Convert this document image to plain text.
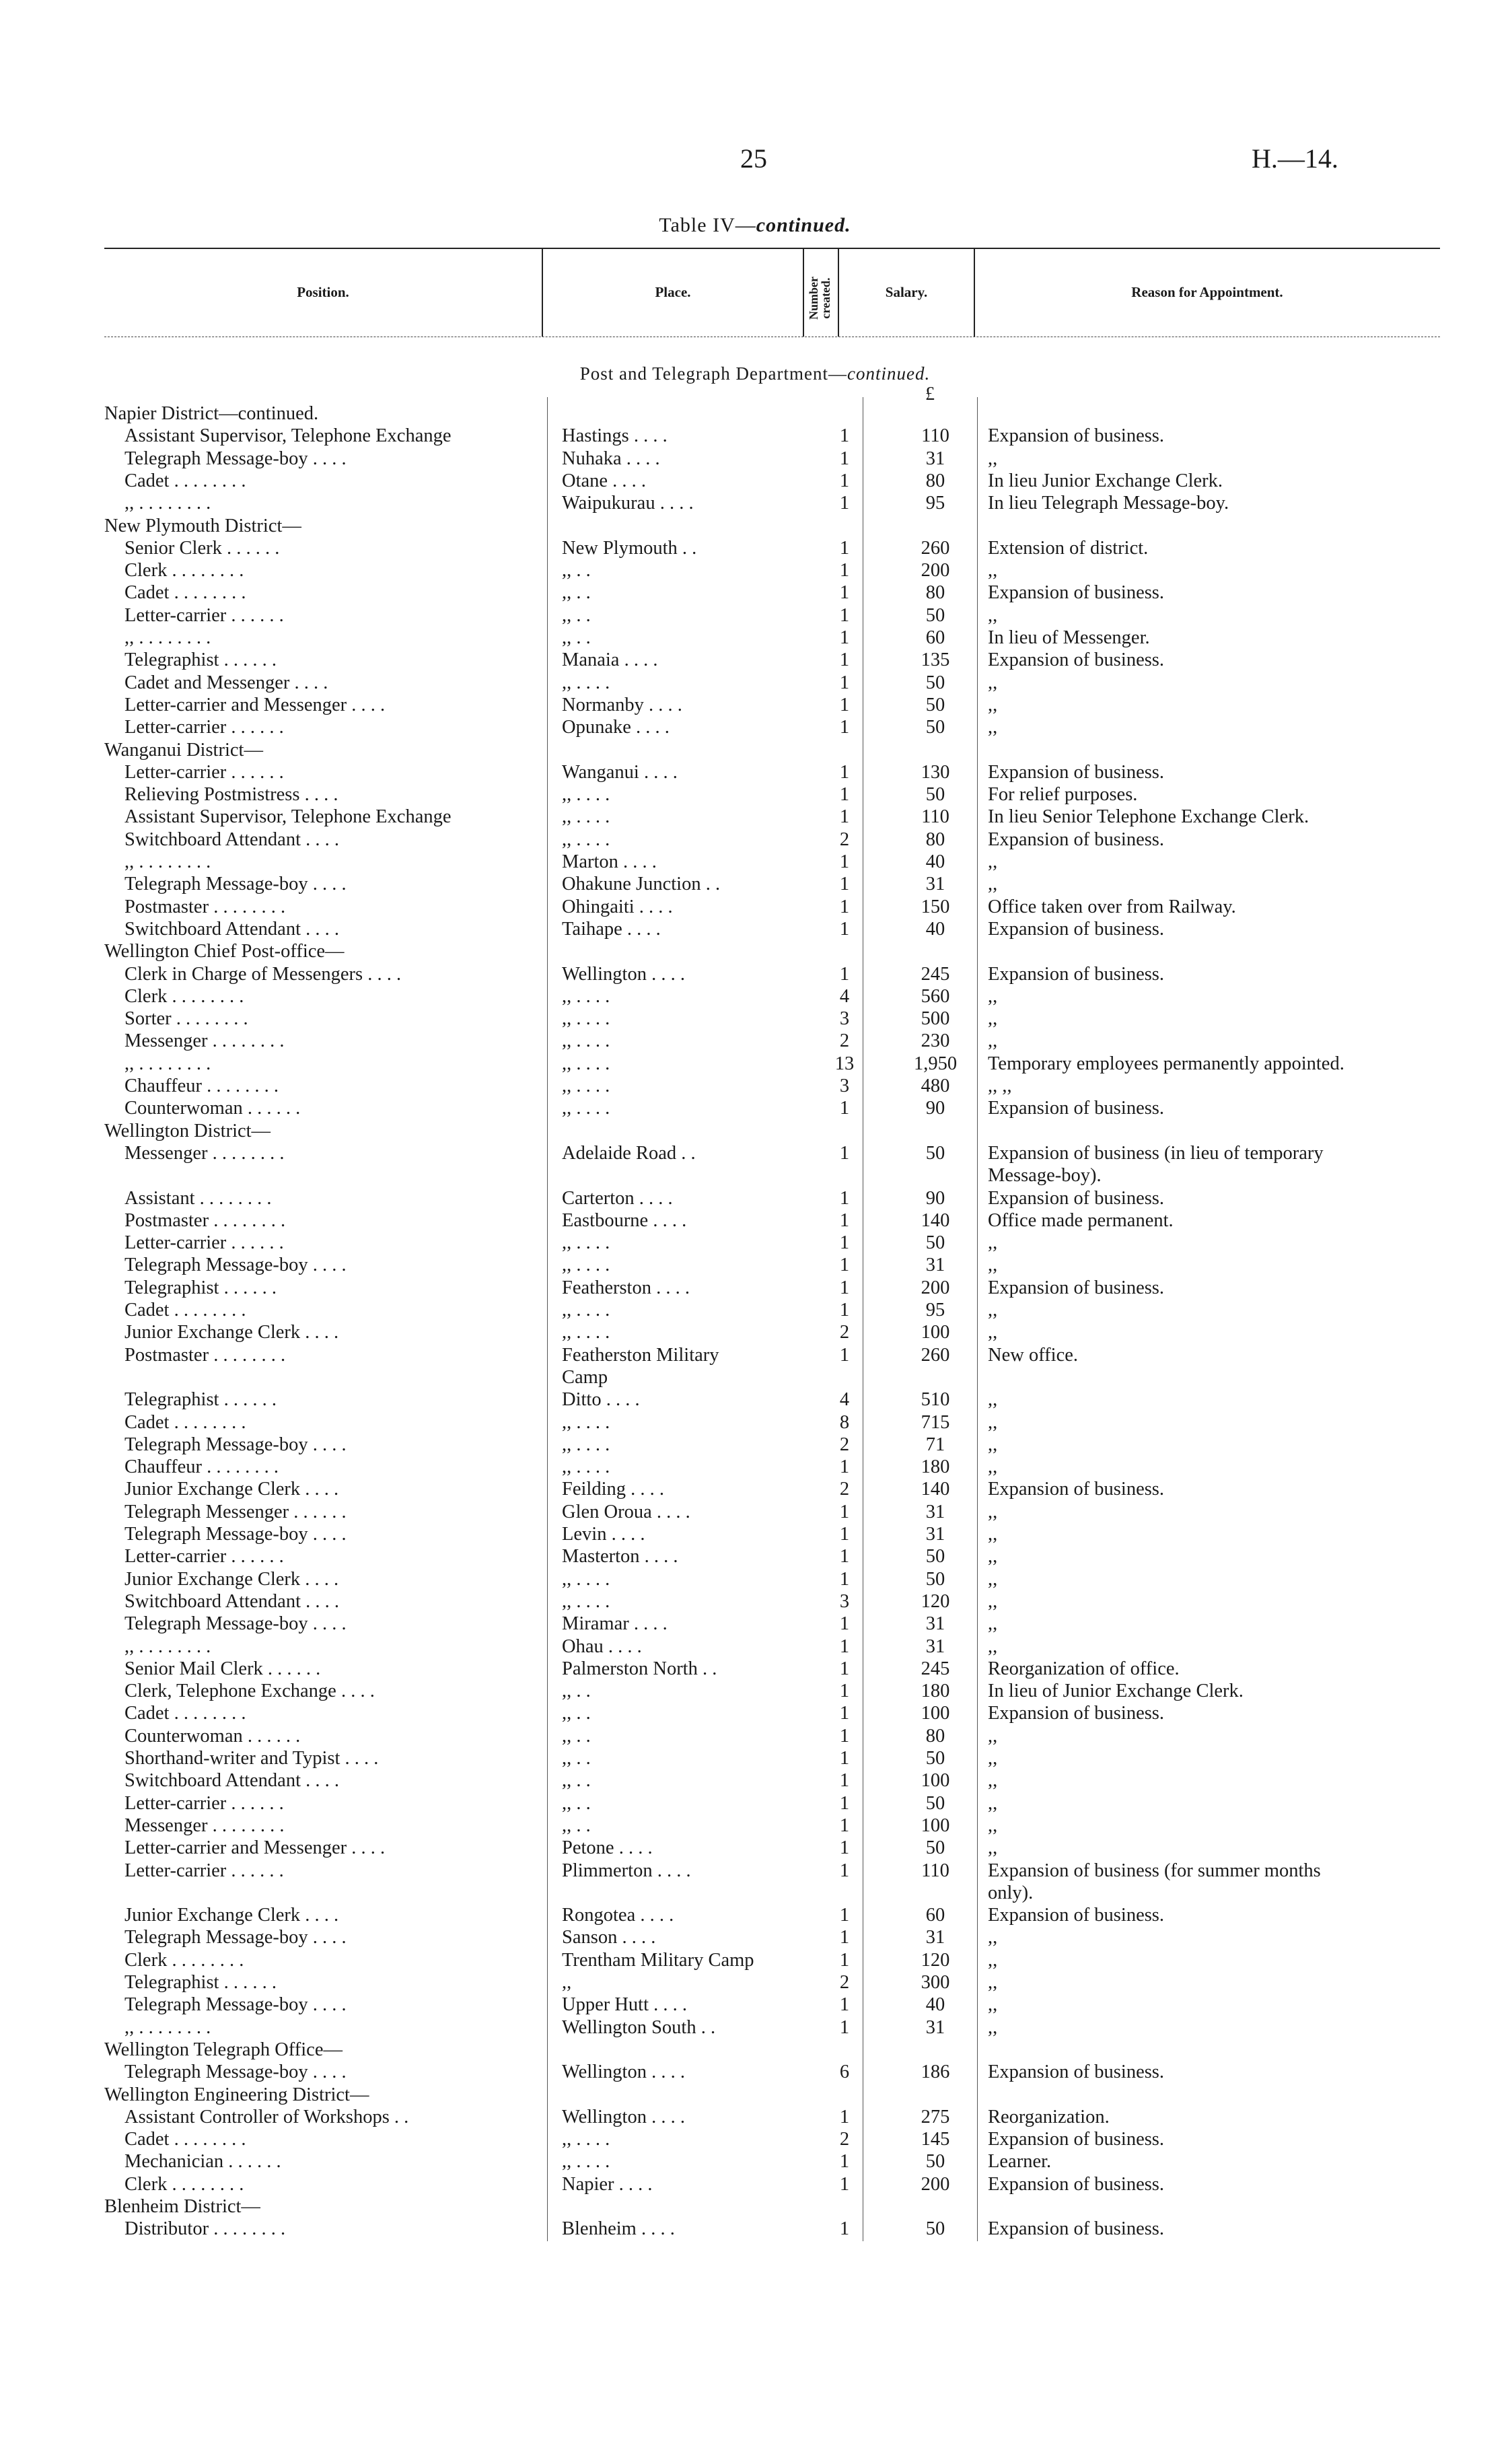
25	H.—14.
Table IV—continued.
Position.	Place.	Number created.	Salary.	Reason for Appointment.
Post and Telegraph Department—continued.
£
Napier District—continued.
Assistant Supervisor, Telephone Exchange	Hastings . . . .	1	110	Expansion of business.
Telegraph Message-boy . . . .	Nuhaka . . . .	1	31	,,
Cadet . . . . . . . .	Otane . . . .	1	80	In lieu Junior Exchange Clerk.
,, . . . . . . . .	Waipukurau . . . .	1	95	In lieu Telegraph Message-boy.
New Plymouth District—
Senior Clerk . . . . . .	New Plymouth . .	1	260	Extension of district.
Clerk . . . . . . . .	,, . .	1	200	,,
Cadet . . . . . . . .	,, . .	1	80	Expansion of business.
Letter-carrier . . . . . .	,, . .	1	50	,,
,, . . . . . . . .	,, . .	1	60	In lieu of Messenger.
Telegraphist . . . . . .	Manaia . . . .	1	135	Expansion of business.
Cadet and Messenger . . . .	,, . . . .	1	50	,,
Letter-carrier and Messenger . . . .	Normanby . . . .	1	50	,,
Letter-carrier . . . . . .	Opunake . . . .	1	50	,,
Wanganui District—
Letter-carrier . . . . . .	Wanganui . . . .	1	130	Expansion of business.
Relieving Postmistress . . . .	,, . . . .	1	50	For relief purposes.
Assistant Supervisor, Telephone Exchange	,, . . . .	1	110	In lieu Senior Telephone Exchange Clerk.
Switchboard Attendant . . . .	,, . . . .	2	80	Expansion of business.
,, . . . . . . . .	Marton . . . .	1	40	,,
Telegraph Message-boy . . . .	Ohakune Junction . .	1	31	,,
Postmaster . . . . . . . .	Ohingaiti . . . .	1	150	Office taken over from Railway.
Switchboard Attendant . . . .	Taihape . . . .	1	40	Expansion of business.
Wellington Chief Post-office—
Clerk in Charge of Messengers . . . .	Wellington . . . .	1	245	Expansion of business.
Clerk . . . . . . . .	,, . . . .	4	560	,,
Sorter . . . . . . . .	,, . . . .	3	500	,,
Messenger . . . . . . . .	,, . . . .	2	230	,,
,, . . . . . . . .	,, . . . .	13	1,950	Temporary employees permanently appointed.
Chauffeur . . . . . . . .	,, . . . .	3	480	,, ,,
Counterwoman . . . . . .	,, . . . .	1	90	Expansion of business.
Wellington District—
Messenger . . . . . . . .	Adelaide Road . .	1	50	Expansion of business (in lieu of temporary
Message-boy).
Assistant . . . . . . . .	Carterton . . . .	1	90	Expansion of business.
Postmaster . . . . . . . .	Eastbourne . . . .	1	140	Office made permanent.
Letter-carrier . . . . . .	,, . . . .	1	50	,,
Telegraph Message-boy . . . .	,, . . . .	1	31	,,
Telegraphist . . . . . .	Featherston . . . .	1	200	Expansion of business.
Cadet . . . . . . . .	,, . . . .	1	95	,,
Junior Exchange Clerk . . . .	,, . . . .	2	100	,,
Postmaster . . . . . . . .	Featherston Military	1	260	New office.
Camp
Telegraphist . . . . . .	Ditto . . . .	4	510	,,
Cadet . . . . . . . .	,, . . . .	8	715	,,
Telegraph Message-boy . . . .	,, . . . .	2	71	,,
Chauffeur . . . . . . . .	,, . . . .	1	180	,,
Junior Exchange Clerk . . . .	Feilding . . . .	2	140	Expansion of business.
Telegraph Messenger . . . . . .	Glen Oroua . . . .	1	31	,,
Telegraph Message-boy . . . .	Levin . . . .	1	31	,,
Letter-carrier . . . . . .	Masterton . . . .	1	50	,,
Junior Exchange Clerk . . . .	,, . . . .	1	50	,,
Switchboard Attendant . . . .	,, . . . .	3	120	,,
Telegraph Message-boy . . . .	Miramar . . . .	1	31	,,
,, . . . . . . . .	Ohau . . . .	1	31	,,
Senior Mail Clerk . . . . . .	Palmerston North . .	1	245	Reorganization of office.
Clerk, Telephone Exchange . . . .	,, . .	1	180	In lieu of Junior Exchange Clerk.
Cadet . . . . . . . .	,, . .	1	100	Expansion of business.
Counterwoman . . . . . .	,, . .	1	80	,,
Shorthand-writer and Typist . . . .	,, . .	1	50	,,
Switchboard Attendant . . . .	,, . .	1	100	,,
Letter-carrier . . . . . .	,, . .	1	50	,,
Messenger . . . . . . . .	,, . .	1	100	,,
Letter-carrier and Messenger . . . .	Petone . . . .	1	50	,,
Letter-carrier . . . . . .	Plimmerton . . . .	1	110	Expansion of business (for summer months
only).
Junior Exchange Clerk . . . .	Rongotea . . . .	1	60	Expansion of business.
Telegraph Message-boy . . . .	Sanson . . . .	1	31	,,
Clerk . . . . . . . .	Trentham Military Camp	1	120	,,
Telegraphist . . . . . .	,,	2	300	,,
Telegraph Message-boy . . . .	Upper Hutt . . . .	1	40	,,
,, . . . . . . . .	Wellington South . .	1	31	,,
Wellington Telegraph Office—
Telegraph Message-boy . . . .	Wellington . . . .	6	186	Expansion of business.
Wellington Engineering District—
Assistant Controller of Workshops . .	Wellington . . . .	1	275	Reorganization.
Cadet . . . . . . . .	,, . . . .	2	145	Expansion of business.
Mechanician . . . . . .	,, . . . .	1	50	Learner.
Clerk . . . . . . . .	Napier . . . .	1	200	Expansion of business.
Blenheim District—
Distributor . . . . . . . .	Blenheim . . . .	1	50	Expansion of business.
